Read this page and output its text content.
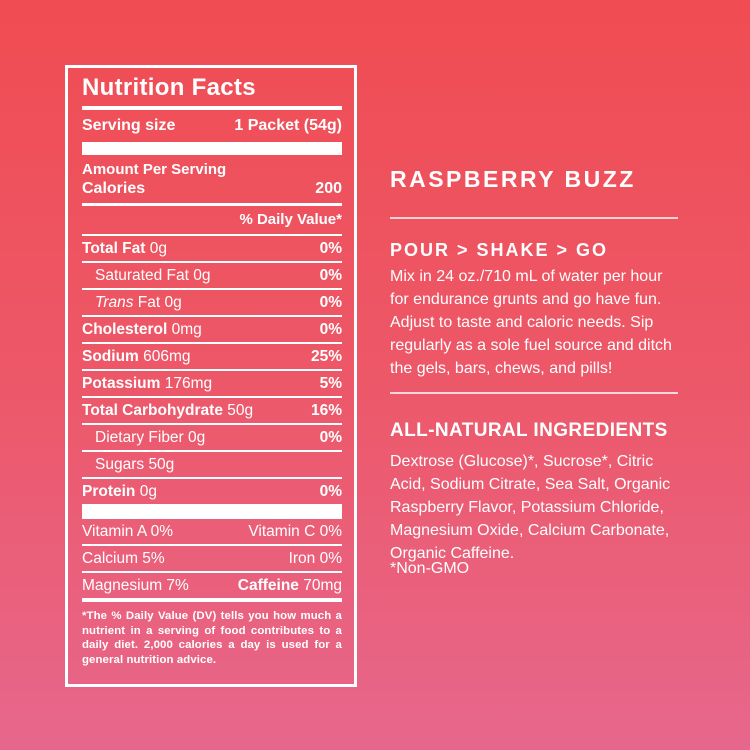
Nutrition Facts
Serving size	1 Packet (54g)
Amount Per Serving
Calories	200
% Daily Value*
Total Fat 0g	0%
Saturated Fat 0g	0%
Trans Fat 0g	0%
Cholesterol 0mg	0%
Sodium 606mg	25%
Potassium 176mg	5%
Total Carbohydrate 50g	16%
Dietary Fiber 0g	0%
Sugars 50g
Protein 0g	0%
Vitamin A 0%	Vitamin C 0%
Calcium 5%	Iron 0%
Magnesium 7%	Caffeine 70mg
*The % Daily Value (DV) tells you how much a nutrient in a serving of food contributes to a daily diet. 2,000 calories a day is used for a general nutrition advice.
RASPBERRY BUZZ
POUR > SHAKE > GO
Mix in 24 oz./710 mL of water per hour for endurance grunts and go have fun. Adjust to taste and caloric needs. Sip regularly as a sole fuel source and ditch the gels, bars, chews, and pills!
ALL-NATURAL INGREDIENTS
Dextrose (Glucose)*, Sucrose*, Citric Acid, Sodium Citrate, Sea Salt, Organic Raspberry Flavor, Potassium Chloride, Magnesium Oxide, Calcium Carbonate, Organic Caffeine.
*Non-GMO
